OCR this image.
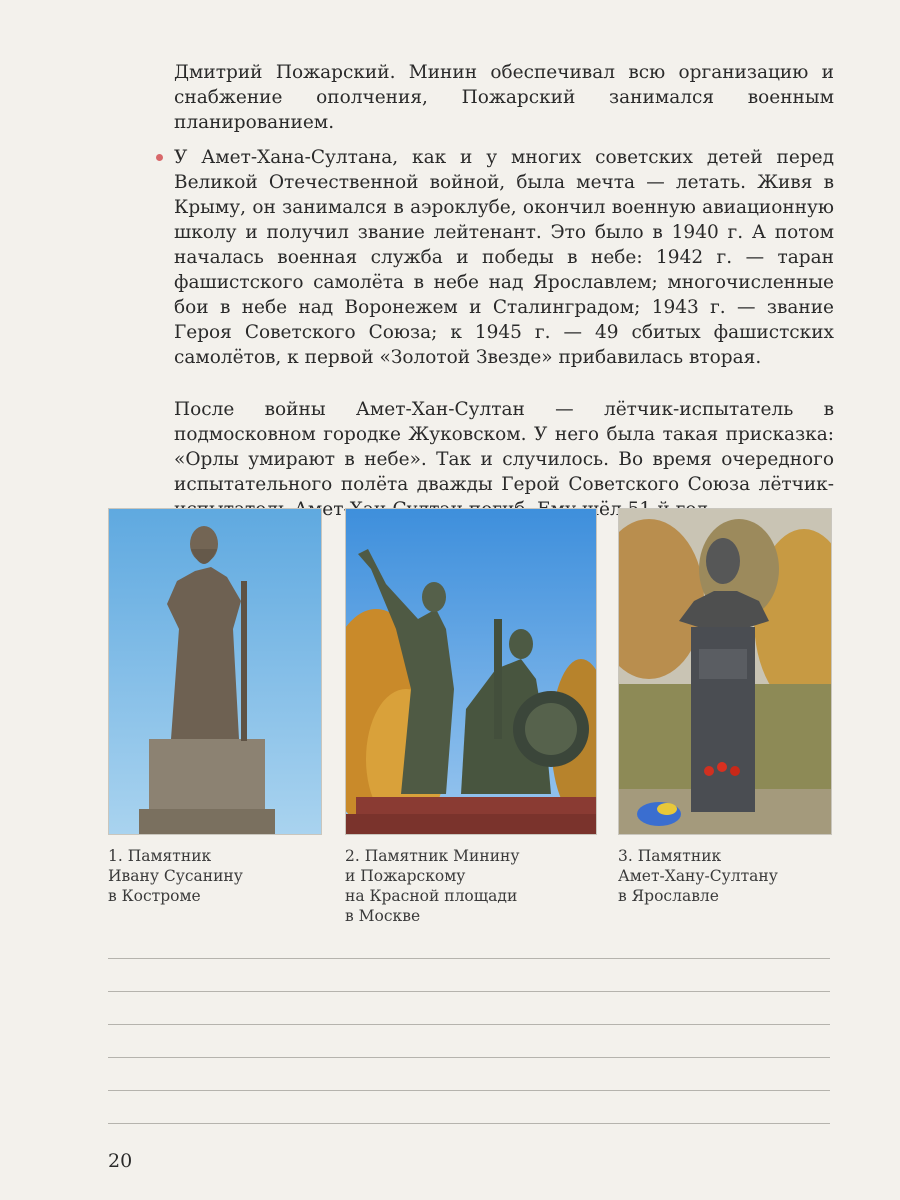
Дмитрий Пожарский. Минин обеспечивал всю организацию и снабжение ополчения, Пожарский занимался военным планированием.

У Амет-Хана-Султана, как и у многих советских детей перед Великой Отечественной войной, была мечта — летать. Живя в Крыму, он занимался в аэроклубе, окончил военную авиационную школу и получил звание лейтенант. Это было в 1940 г. А потом началась военная служба и победы в небе: 1942 г. — таран фашистского самолёта в небе над Ярославлем; многочисленные бои в небе над Воронежем и Сталинградом; 1943 г. — звание Героя Советского Союза; к 1945 г. — 49 сбитых фашистских самолётов, к первой «Золотой Звезде» прибавилась вторая.

После войны Амет-Хан-Султан — лётчик-испытатель в подмосковном городке Жуковском. У него была такая присказка: «Орлы умирают в небе». Так и случилось. Во время очередного испытательного полёта дважды Герой Советского Союза лётчик- шёл

1. Памятник
Ивану Сусанину
в Костроме
2. Памятник Минину
и Пожарскому
на Красной площади
в Москве
3. Памятник
Амет-Хану-Султану
в Ярославле
20
